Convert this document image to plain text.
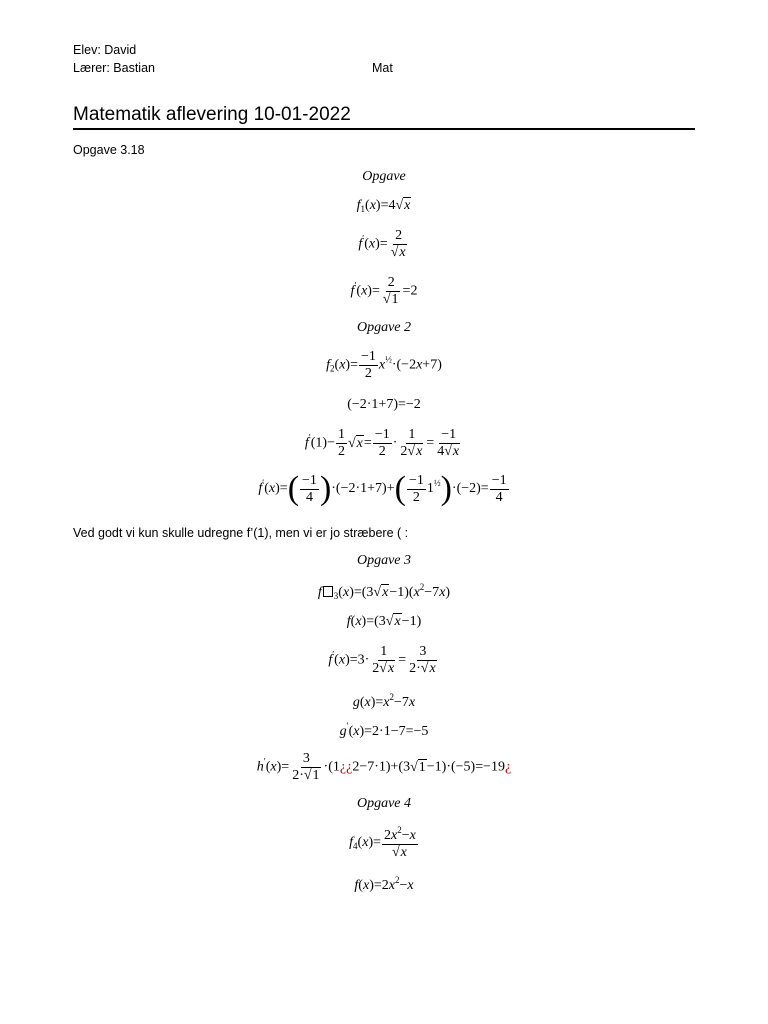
Elev: David
Lærer: Bastian	Mat
Matematik aflevering 10-01-2022
Opgave 3.18
Opgave
$f_1(x)=4√x$
$f'(x)= \frac{2}{√x}$
$f'(x)= \frac{2}{√1} =2$
Opgave 2
$f_2(x)= \frac{-1}{2} x^{\frac{1}{2}}\cdot(-2x+7)$
(−2·1+7)=−2
$f'(1)- \frac{1}{2} √x= \frac{-1}{2} \cdot \frac{1}{2√x} = \frac{-1}{4√x}$
$f'(x)=( \frac{-1}{4} )\cdot(-2\cdot 1+7)+( \frac{-1}{2} 1^{\frac{1}{2}})\cdot(-2)= \frac{-1}{4}$
Ved godt vi kun skulle udregne f’(1), men vi er jo stræbere ( :
Opgave 3
f $_3(x)=(3√x-1)(x^2-7x)$
f(x)=(3√x−1)
$f'(x)=3\cdot \frac{1}{2√x} = \frac{3}{2\cdot√x}$
$g(x)=x^2-7x$
g′(x)=2·1−7=−5
$h'(x)= \frac{3}{2\cdot√1}$ ·(1¿¿2−7·1)+(3√1−1)·(−5)=−19¿
Opgave 4
$f_4(x)= \frac{2x^2-x}{√x}$
$f(x)=2x^2-x$
